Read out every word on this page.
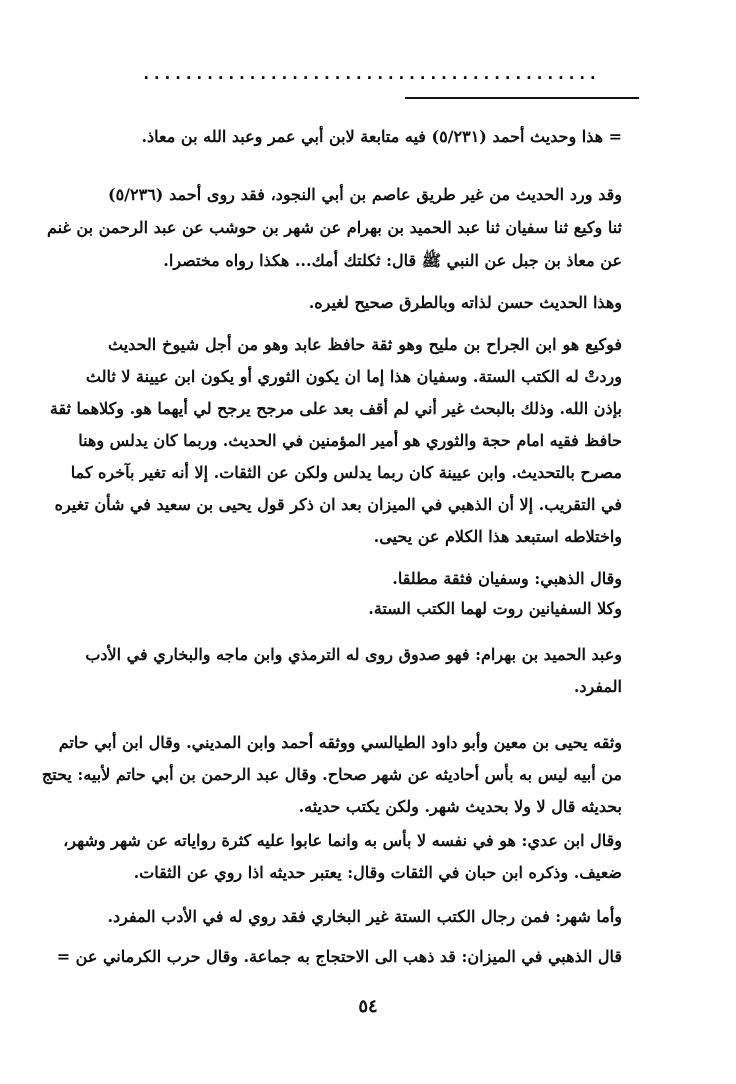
...........................................
= هذا وحديث أحمد (٥/٢٣١) فيه متابعة لابن أبي عمر وعبد الله بن معاذ.
وقد ورد الحديث من غير طريق عاصم بن أبي النجود، فقد روى أحمد (٥/٢٣٦)
ثنا وكيع ثنا سفيان ثنا عبد الحميد بن بهرام عن شهر بن حوشب عن عبد الرحمن بن غنم
عن معاذ بن جبل عن النبي ﷺ قال: ثكلتك أمك... هكذا رواه مختصرا.
وهذا الحديث حسن لذاته وبالطرق صحيح لغيره.
فوكيع هو ابن الجراح بن مليح وهو ثقة حافظ عابد وهو من أجل شيوخ الحديث
وردتْ له الكتب الستة. وسفيان هذا إما ان يكون الثوري أو يكون ابن عيينة لا ثالث
بإذن الله. وذلك بالبحث غير أني لم أقف بعد على مرجح يرجح لي أيهما هو. وكلاهما ثقة
حافظ فقيه امام حجة والثوري هو أمير المؤمنين في الحديث. وربما كان يدلس وهنا
مصرح بالتحديث. وابن عيينة كان ربما يدلس ولكن عن الثقات. إلا أنه تغير بآخره كما
في التقريب. إلا أن الذهبي في الميزان بعد ان ذكر قول يحيى بن سعيد في شأن تغيره
واختلاطه استبعد هذا الكلام عن يحيى.
وقال الذهبي: وسفيان فثقة مطلقا.
وكلا السفيانين روت لهما الكتب الستة.
وعبد الحميد بن بهرام: فهو صدوق روى له الترمذي وابن ماجه والبخاري في الأدب
المفرد.
وثقه يحيى بن معين وأبو داود الطيالسي ووثقه أحمد وابن المديني. وقال ابن أبي حاتم
من أبيه ليس به بأس أحاديثه عن شهر صحاح. وقال عبد الرحمن بن أبي حاتم لأبيه: يحتج
بحديثه قال لا ولا بحديث شهر. ولكن يكتب حديثه.
وقال ابن عدي: هو في نفسه لا بأس به وانما عابوا عليه كثرة رواياته عن شهر وشهر،
ضعيف. وذكره ابن حبان في الثقات وقال: يعتبر حديثه اذا روي عن الثقات.
وأما شهر: فمن رجال الكتب الستة غير البخاري فقد روي له في الأدب المفرد.
قال الذهبي في الميزان: قد ذهب الى الاحتجاج به جماعة. وقال حرب الكرماني عن =
٥٤
